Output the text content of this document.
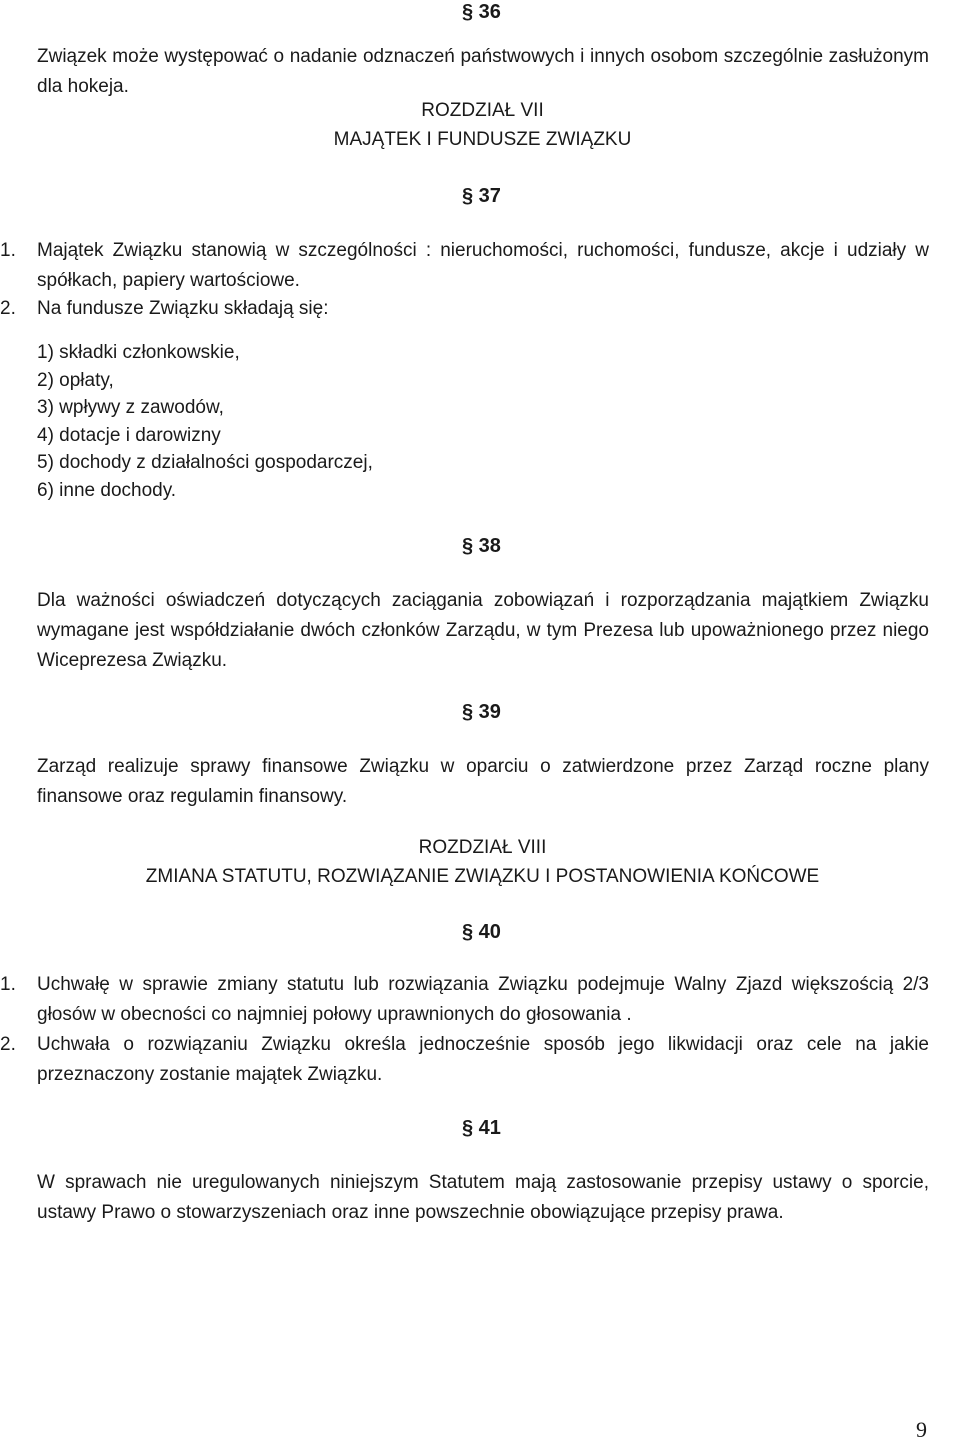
§ 36

Związek może występować o nadanie odznaczeń państwowych i innych osobom szczególnie zasłużonym dla hokeja.

ROZDZIAŁ VII
MAJĄTEK I FUNDUSZE ZWIĄZKU
§ 37
1. Majątek Związku stanowią w szczególności : nieruchomości, ruchomości, fundusze, akcje i udziały w spółkach, papiery wartościowe.
2. Na fundusze Związku składają się:
1) składki członkowskie,
2) opłaty,
3) wpływy z zawodów,
4) dotacje i darowizny
5) dochody z działalności gospodarczej,
6) inne dochody.
§ 38

Dla ważności oświadczeń dotyczących zaciągania zobowiązań i rozporządzania majątkiem Związku wymagane jest współdziałanie dwóch członków Zarządu, w tym Prezesa lub upoważnionego przez niego Wiceprezesa Związku.

§ 39

Zarząd realizuje sprawy finansowe Związku w oparciu o zatwierdzone przez Zarząd roczne plany finansowe oraz regulamin finansowy.

ROZDZIAŁ VIII
ZMIANA STATUTU, ROZWIĄZANIE ZWIĄZKU I POSTANOWIENIA KOŃCOWE
§ 40
1. Uchwałę w sprawie zmiany statutu lub rozwiązania Związku podejmuje Walny Zjazd większością 2/3 głosów w obecności co najmniej połowy uprawnionych do głosowania .
2. Uchwała o rozwiązaniu Związku określa jednocześnie sposób jego likwidacji oraz cele na jakie przeznaczony zostanie majątek Związku.
§ 41

W sprawach nie uregulowanych niniejszym Statutem mają zastosowanie przepisy ustawy o sporcie, ustawy Prawo o stowarzyszeniach oraz inne powszechnie obowiązujące przepisy prawa.

9
